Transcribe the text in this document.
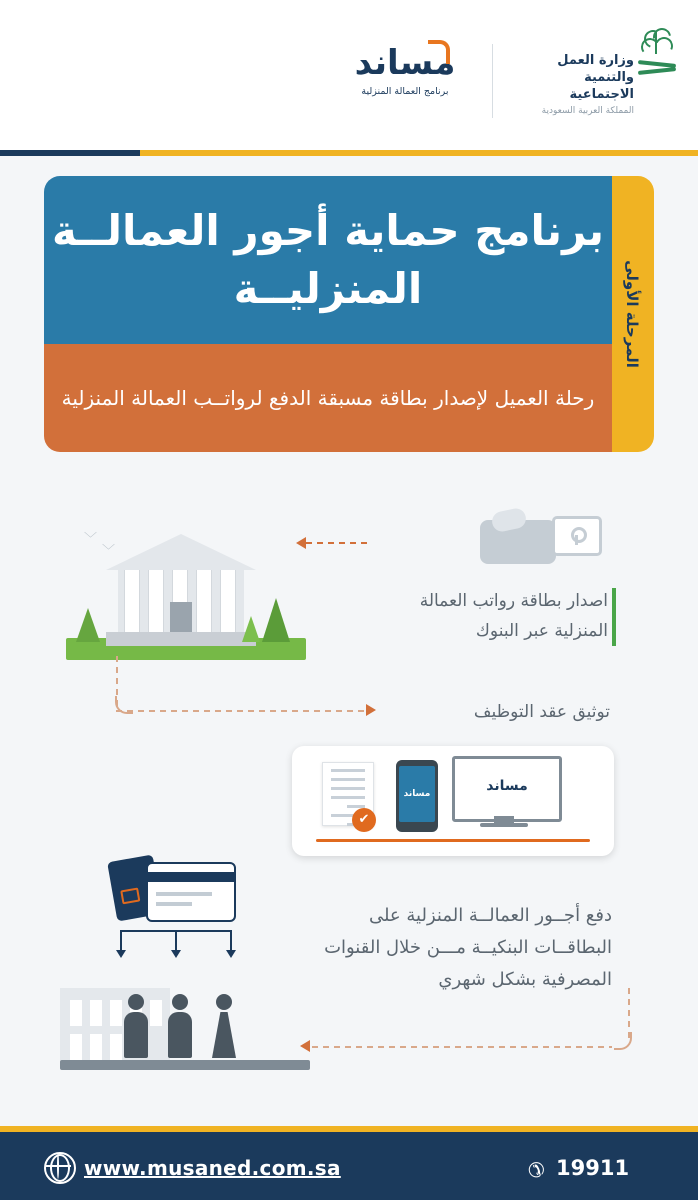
مساند
برنامج العمالة المنزلية
وزارة العمل
والتنمية الاجتماعية
المملكة العربية السعودية
المرحلة الأولى
برنامج حماية أجور العمالــة المنزليــة
رحلة العميل لإصدار بطاقة مسبقة الدفع لرواتــب العمالة المنزلية
﹀
﹀
اصدار بطاقة رواتب العمالة المنزلية عبر البنوك
توثيق عقد التوظيف
✔
مساند	مساند
دفع أجــور العمالــة المنزلية على البطاقــات البنكيــة مـــن خلال القنوات المصرفية بشكل شهري
www.musaned.com.sa	✆ 19911
